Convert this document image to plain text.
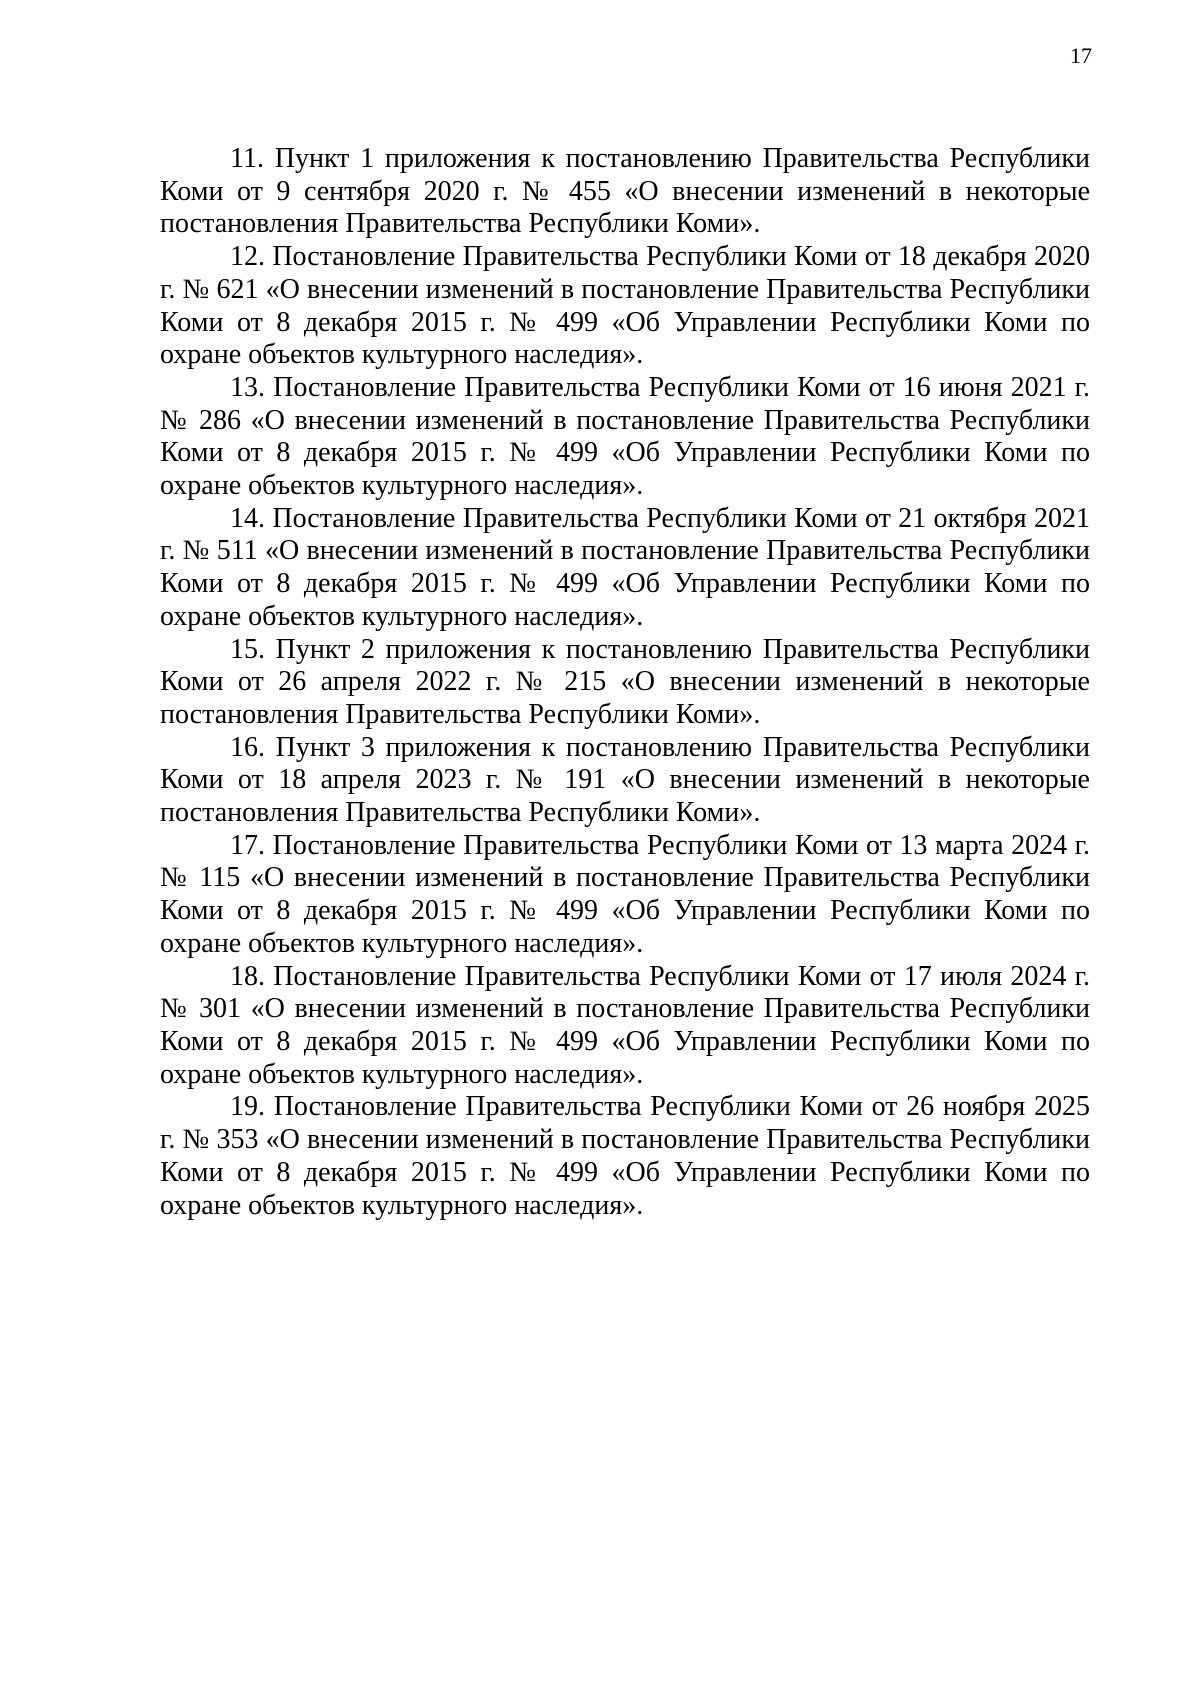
17

11. Пункт 1 приложения к постановлению Правительства Республики Коми от 9 сентября 2020 г. № 455 «О внесении изменений в некоторые постановления Правительства Республики Коми».

12. Постановление Правительства Республики Коми от 18 декабря 2020 г. № 621 «О внесении изменений в постановление Правительства Республики Коми от 8 декабря 2015 г. № 499 «Об Управлении Республики Коми по охране объектов культурного наследия».

13. Постановление Правительства Республики Коми от 16 июня 2021 г. № 286 «О внесении изменений в постановление Правительства Республики Коми от 8 декабря 2015 г. № 499 «Об Управлении Республики Коми по охране объектов культурного наследия».

14. Постановление Правительства Республики Коми от 21 октября 2021 г. № 511 «О внесении изменений в постановление Правительства Республики Коми от 8 декабря 2015 г. № 499 «Об Управлении Республики Коми по охране объектов культурного наследия».

15. Пункт 2 приложения к постановлению Правительства Республики Коми от 26 апреля 2022 г. № 215 «О внесении изменений в некоторые постановления Правительства Республики Коми».

16. Пункт 3 приложения к постановлению Правительства Республики Коми от 18 апреля 2023 г. № 191 «О внесении изменений в некоторые постановления Правительства Республики Коми».

17. Постановление Правительства Республики Коми от 13 марта 2024 г. № 115 «О внесении изменений в постановление Правительства Республики Коми от 8 декабря 2015 г. № 499 «Об Управлении Республики Коми по охране объектов культурного наследия».

18. Постановление Правительства Республики Коми от 17 июля 2024 г. № 301 «О внесении изменений в постановление Правительства Республики Коми от 8 декабря 2015 г. № 499 «Об Управлении Республики Коми по охране объектов культурного наследия».

19. Постановление Правительства Республики Коми от 26 ноября 2025 г. № 353 «О внесении изменений в постановление Правительства Республики Коми от 8 декабря 2015 г. № 499 «Об Управлении Республики Коми по охране объектов культурного наследия».
